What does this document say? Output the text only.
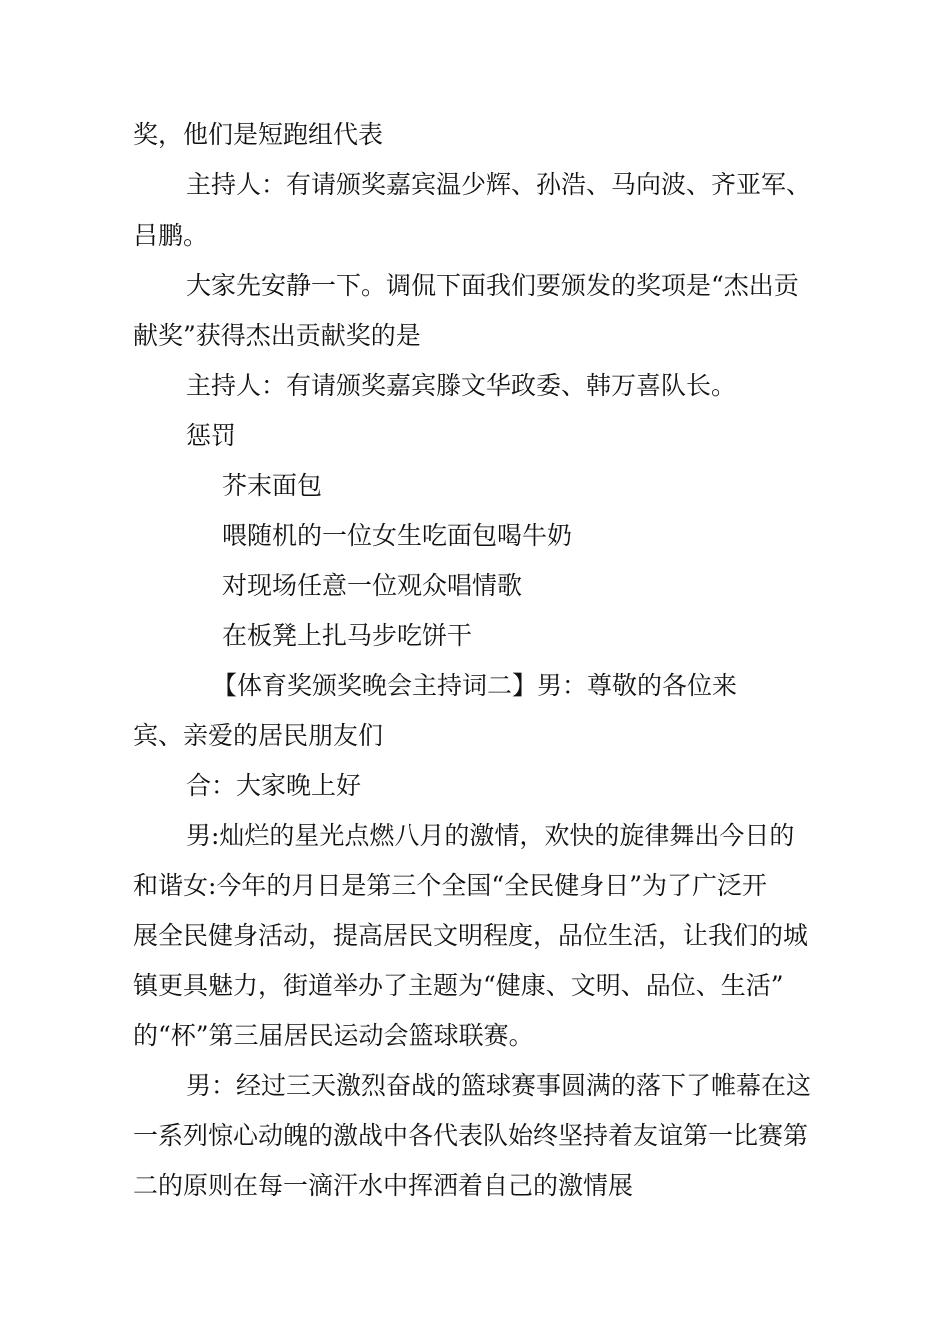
奖，他们是短跑组代表
主持人：有请颁奖嘉宾温少辉、孙浩、马向波、齐亚军、
吕鹏。
大家先安静一下。调侃下面我们要颁发的奖项是“杰出贡
献奖”获得杰出贡献奖的是
主持人：有请颁奖嘉宾滕文华政委、韩万喜队长。
惩罚
芥末面包
喂随机的一位女生吃面包喝牛奶
对现场任意一位观众唱情歌
在板凳上扎马步吃饼干
【体育奖颁奖晚会主持词二】男：尊敬的各位来
宾、亲爱的居民朋友们
合：大家晚上好
男:灿烂的星光点燃八月的激情，欢快的旋律舞出今日的
和谐女:今年的月日是第三个全国“全民健身日”为了广泛开
展全民健身活动，提高居民文明程度，品位生活，让我们的城
镇更具魅力，街道举办了主题为“健康、文明、品位、生活”
的“杯”第三届居民运动会篮球联赛。
男：经过三天激烈奋战的篮球赛事圆满的落下了帷幕在这
一系列惊心动魄的激战中各代表队始终坚持着友谊第一比赛第
二的原则在每一滴汗水中挥洒着自己的激情展
